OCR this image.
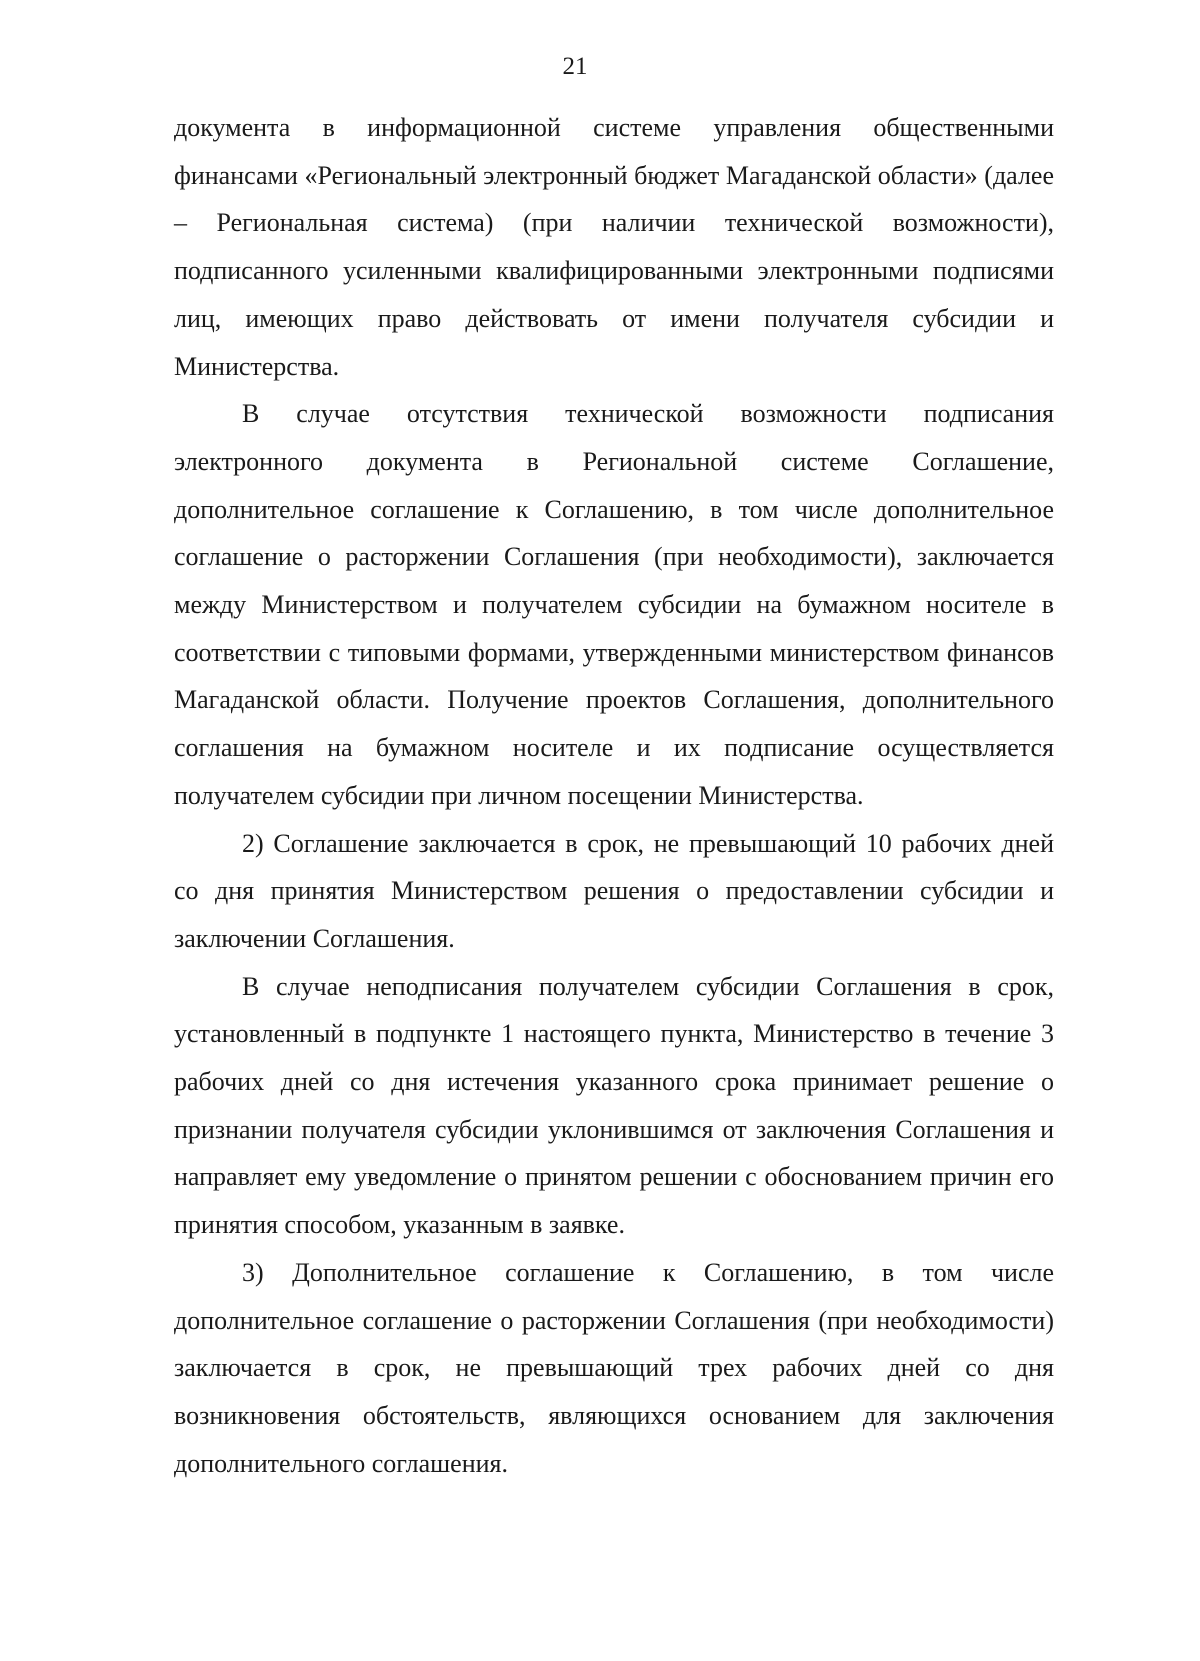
21

документа в информационной системе управления общественными финансами «Региональный электронный бюджет Магаданской области» (далее – Региональная система) (при наличии технической возможности), подписанного усиленными квалифицированными электронными подписями лиц, имеющих право действовать от имени получателя субсидии и Министерства.

В случае отсутствия технической возможности подписания электронного документа в Региональной системе Соглашение, дополнительное соглашение к Соглашению, в том числе дополнительное соглашение о расторжении Соглашения (при необходимости), заключается между Министерством и получателем субсидии на бумажном носителе в соответствии с типовыми формами, утвержденными министерством финансов Магаданской области. Получение проектов Соглашения, дополнительного соглашения на бумажном носителе и их подписание осуществляется получателем субсидии при личном посещении Министерства.

2) Соглашение заключается в срок, не превышающий 10 рабочих дней со дня принятия Министерством решения о предоставлении субсидии и заключении Соглашения.

В случае неподписания получателем субсидии Соглашения в срок, установленный в подпункте 1 настоящего пункта, Министерство в течение 3 рабочих дней со дня истечения указанного срока принимает решение о признании получателя субсидии уклонившимся от заключения Соглашения и направляет ему уведомление о принятом решении с обоснованием причин его принятия способом, указанным в заявке.

3) Дополнительное соглашение к Соглашению, в том числе дополнительное соглашение о расторжении Соглашения (при необходимости) заключается в срок, не превышающий трех рабочих дней со дня возникновения обстоятельств, являющихся основанием для заключения дополнительного соглашения.
